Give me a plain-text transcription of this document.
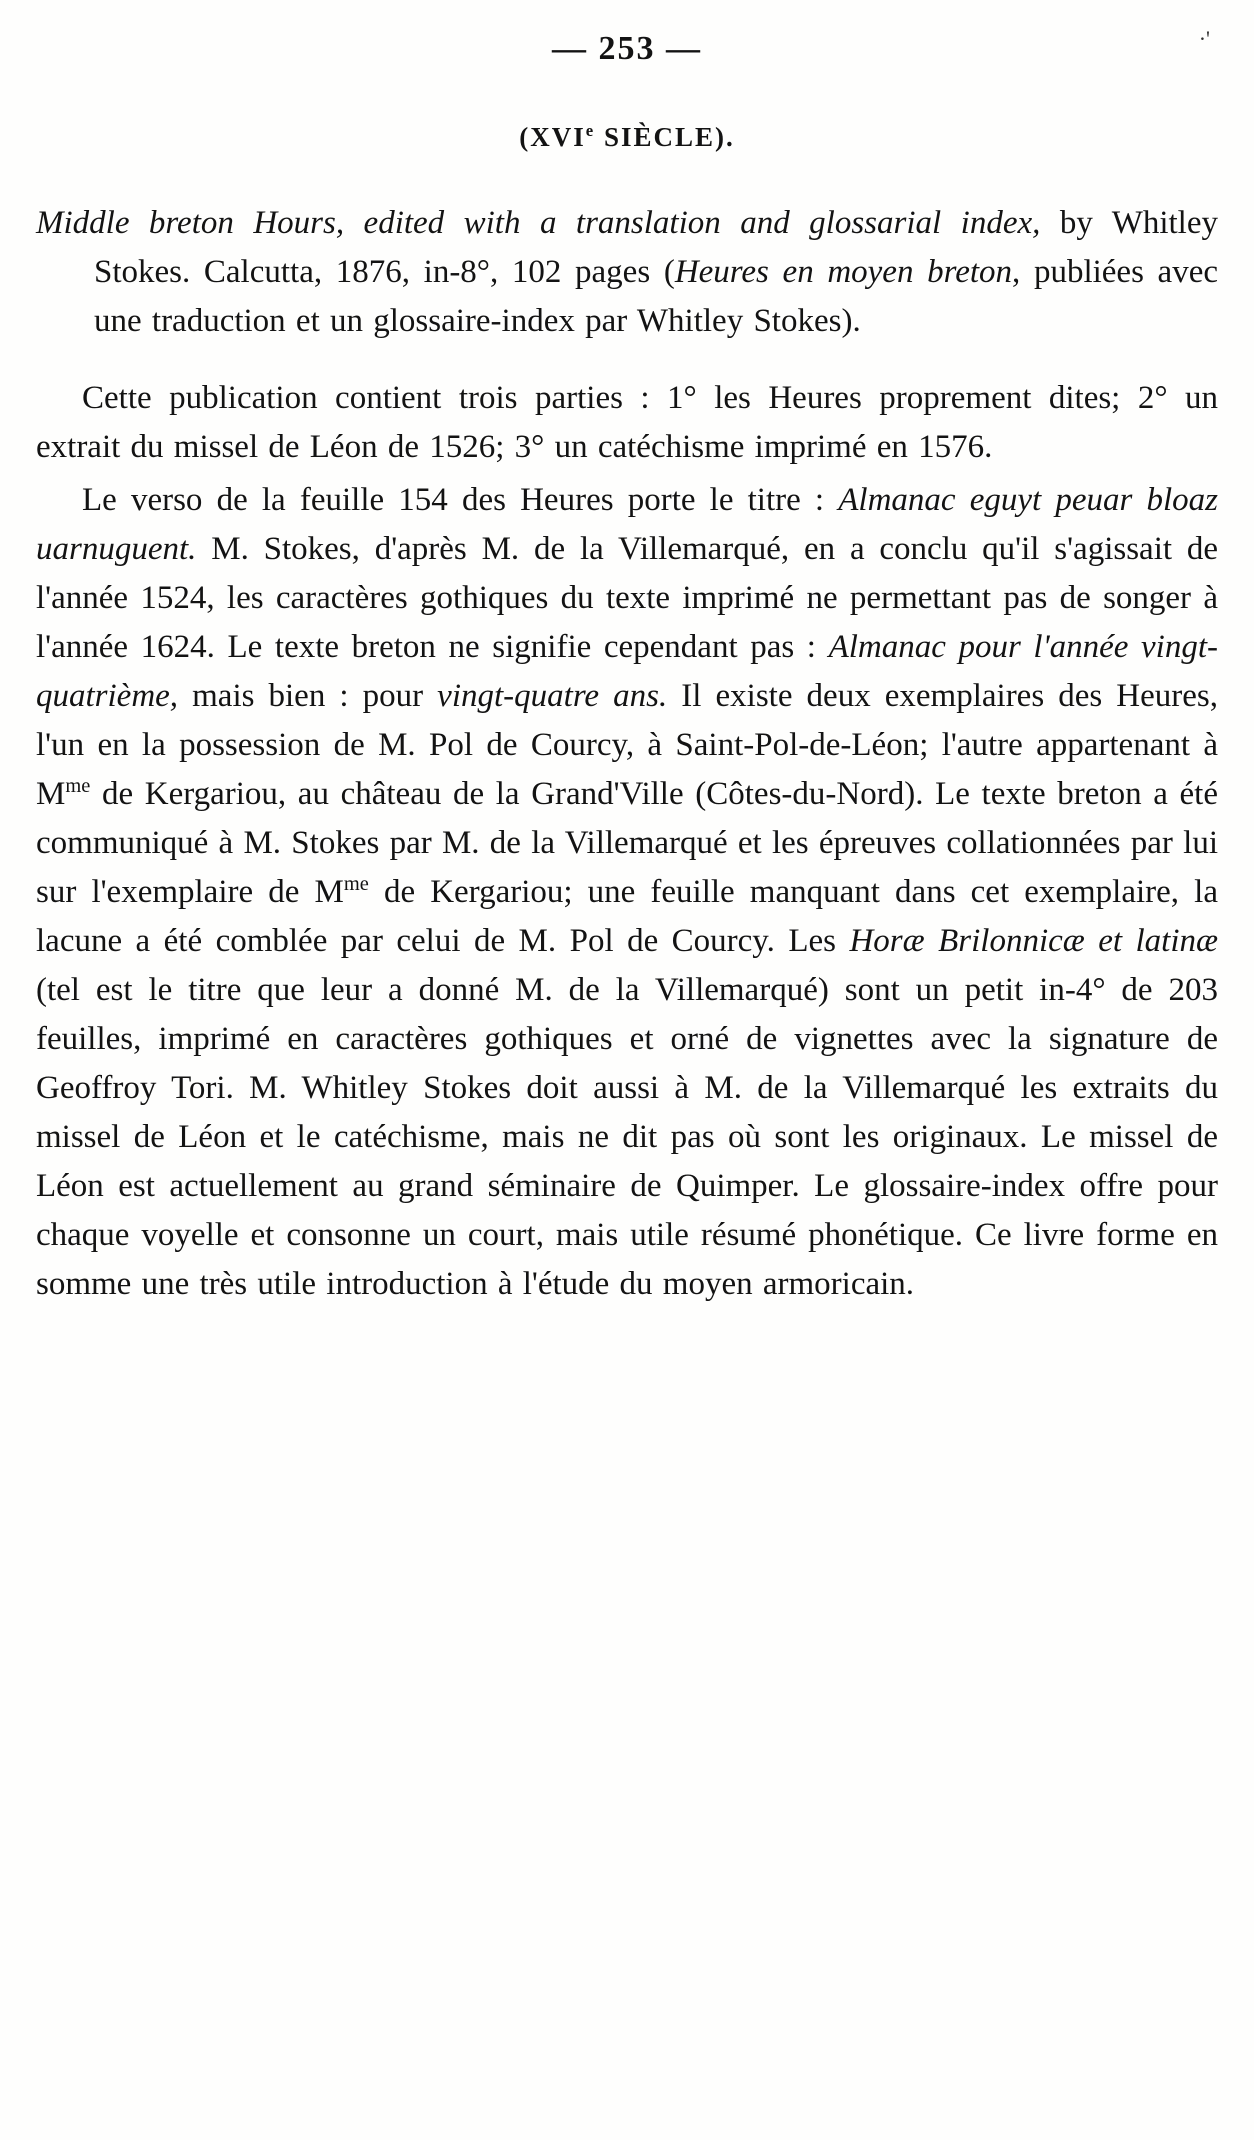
·'
— 253 —
(XVIe SIÈCLE).

Middle breton Hours, edited with a translation and glossarial index, by Whitley Stokes. Calcutta, 1876, in-8°, 102 pages (Heures en moyen breton, publiées avec une traduction et un glossaire-index par Whitley Stokes).

Cette publication contient trois parties : 1° les Heures proprement dites; 2° un extrait du missel de Léon de 1526; 3° un catéchisme imprimé en 1576.

Le verso de la feuille 154 des Heures porte le titre : Almanac eguyt peuar bloaz uarnuguent. M. Stokes, d'après M. de la Villemarqué, en a conclu qu'il s'agissait de l'année 1524, les caractères gothiques du texte imprimé ne permettant pas de songer à l'année 1624. Le texte breton ne signifie cependant pas : Almanac pour l'année vingt-quatrième, mais bien : pour vingt-quatre ans. Il existe deux exemplaires des Heures, l'un en la possession de M. Pol de Courcy, à Saint-Pol-de-Léon; l'autre appartenant à $M^{me}$ de Kergariou, au château de la Grand'Ville (Côtes-du-Nord). Le texte breton a été communiqué à M. Stokes par M. de la Villemarqué et les épreuves collationnées par lui sur l'exemplaire de $M^{me}$ de Kergariou; une feuille manquant dans cet exemplaire, la lacune a été comblée par celui de M. Pol de Courcy. Les Horæ Brilonnicæ et latinæ (tel est le titre que leur a donné M. de la Villemarqué) sont un petit in-4° de 203 feuilles, imprimé en caractères gothiques et orné de vignettes avec la signature de Geoffroy Tori. M. Whitley Stokes doit aussi à M. de la Villemarqué les extraits du missel de Léon et le catéchisme, mais ne dit pas où sont les originaux. Le missel de Léon est actuellement au grand séminaire de Quimper. Le glossaire-index offre pour chaque voyelle et consonne un court, mais utile résumé phonétique. Ce livre forme en somme une très utile introduction à l'étude du moyen armoricain.
